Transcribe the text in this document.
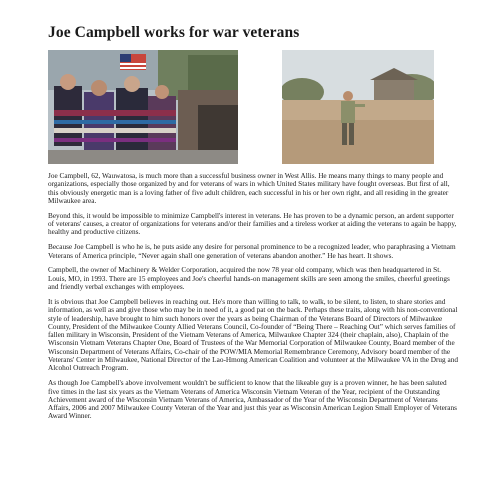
Joe Campbell works for war veterans

Joe Campbell, 62, Wauwatosa, is much more than a successful business owner in West Allis. He means many things to many people and organizations, especially those organized by and for veterans of wars in which United States military have fought overseas. But first of all, this obviously energetic man is a loving father of five adult children, each successful in his or her own right, and all residing in the greater Milwaukee area.

Beyond this, it would be impossible to minimize Campbell's interest in veterans. He has proven to be a dynamic person, an ardent supporter of veterans' causes, a creator of organizations for veterans and/or their families and a tireless worker at aiding the veterans to again be happy, healthy and productive citizens.

Because Joe Campbell is who he is, he puts aside any desire for personal prominence to be a recognized leader, who paraphrasing a Vietnam Veterans of America principle, “Never again shall one generation of veterans abandon another.” He has heart. It shows.

Campbell, the owner of Machinery & Welder Corporation, acquired the now 78 year old company, which was then headquartered in St. Louis, MO, in 1993. There are 15 employees and Joe's cheerful hands-on management skills are seen among the smiles, cheerful greetings and friendly verbal exchanges with employees.

It is obvious that Joe Campbell believes in reaching out. He's more than willing to talk, to walk, to be silent, to listen, to share stories and information, as well as and give those who may be in need of it, a good pat on the back. Perhaps these traits, along with his non-conventional style of leadership, have brought to him such honors over the years as being Chairman of the Veterans Board of Directors of Milwaukee County, President of the Milwaukee County Allied Veterans Council, Co-founder of “Being There – Reaching Out” which serves families of fallen military in Wisconsin, President of the Vietnam Veterans of America, Milwaukee Chapter 324 (their chaplain, also), Chaplain of the Wisconsin Vietnam Veterans Chapter One, Board of Trustees of the War Memorial Corporation of Milwaukee County, Board member of the Wisconsin Department of Veterans Affairs, Co-chair of the POW/MIA Memorial Remembrance Ceremony, Advisory board member of the Veterans' Center in Milwaukee, National Director of the Lao-Hmong American Coalition and volunteer at the Milwaukee VA in the Drug and Alcohol Outreach Program.

As though Joe Campbell's above involvement wouldn't be sufficient to know that the likeable guy is a proven winner, he has been saluted five times in the last six years as the Vietnam Veterans of America Wisconsin Vietnam Veteran of the Year, recipient of the Outstanding Achievement award of the Wisconsin Vietnam Veterans of America, Ambassador of the Year of the Wisconsin Department of Veterans Affairs, 2006 and 2007 Milwaukee County Veteran of the Year and just this year as Wisconsin American Legion Small Employer of Veterans Award Winner.
